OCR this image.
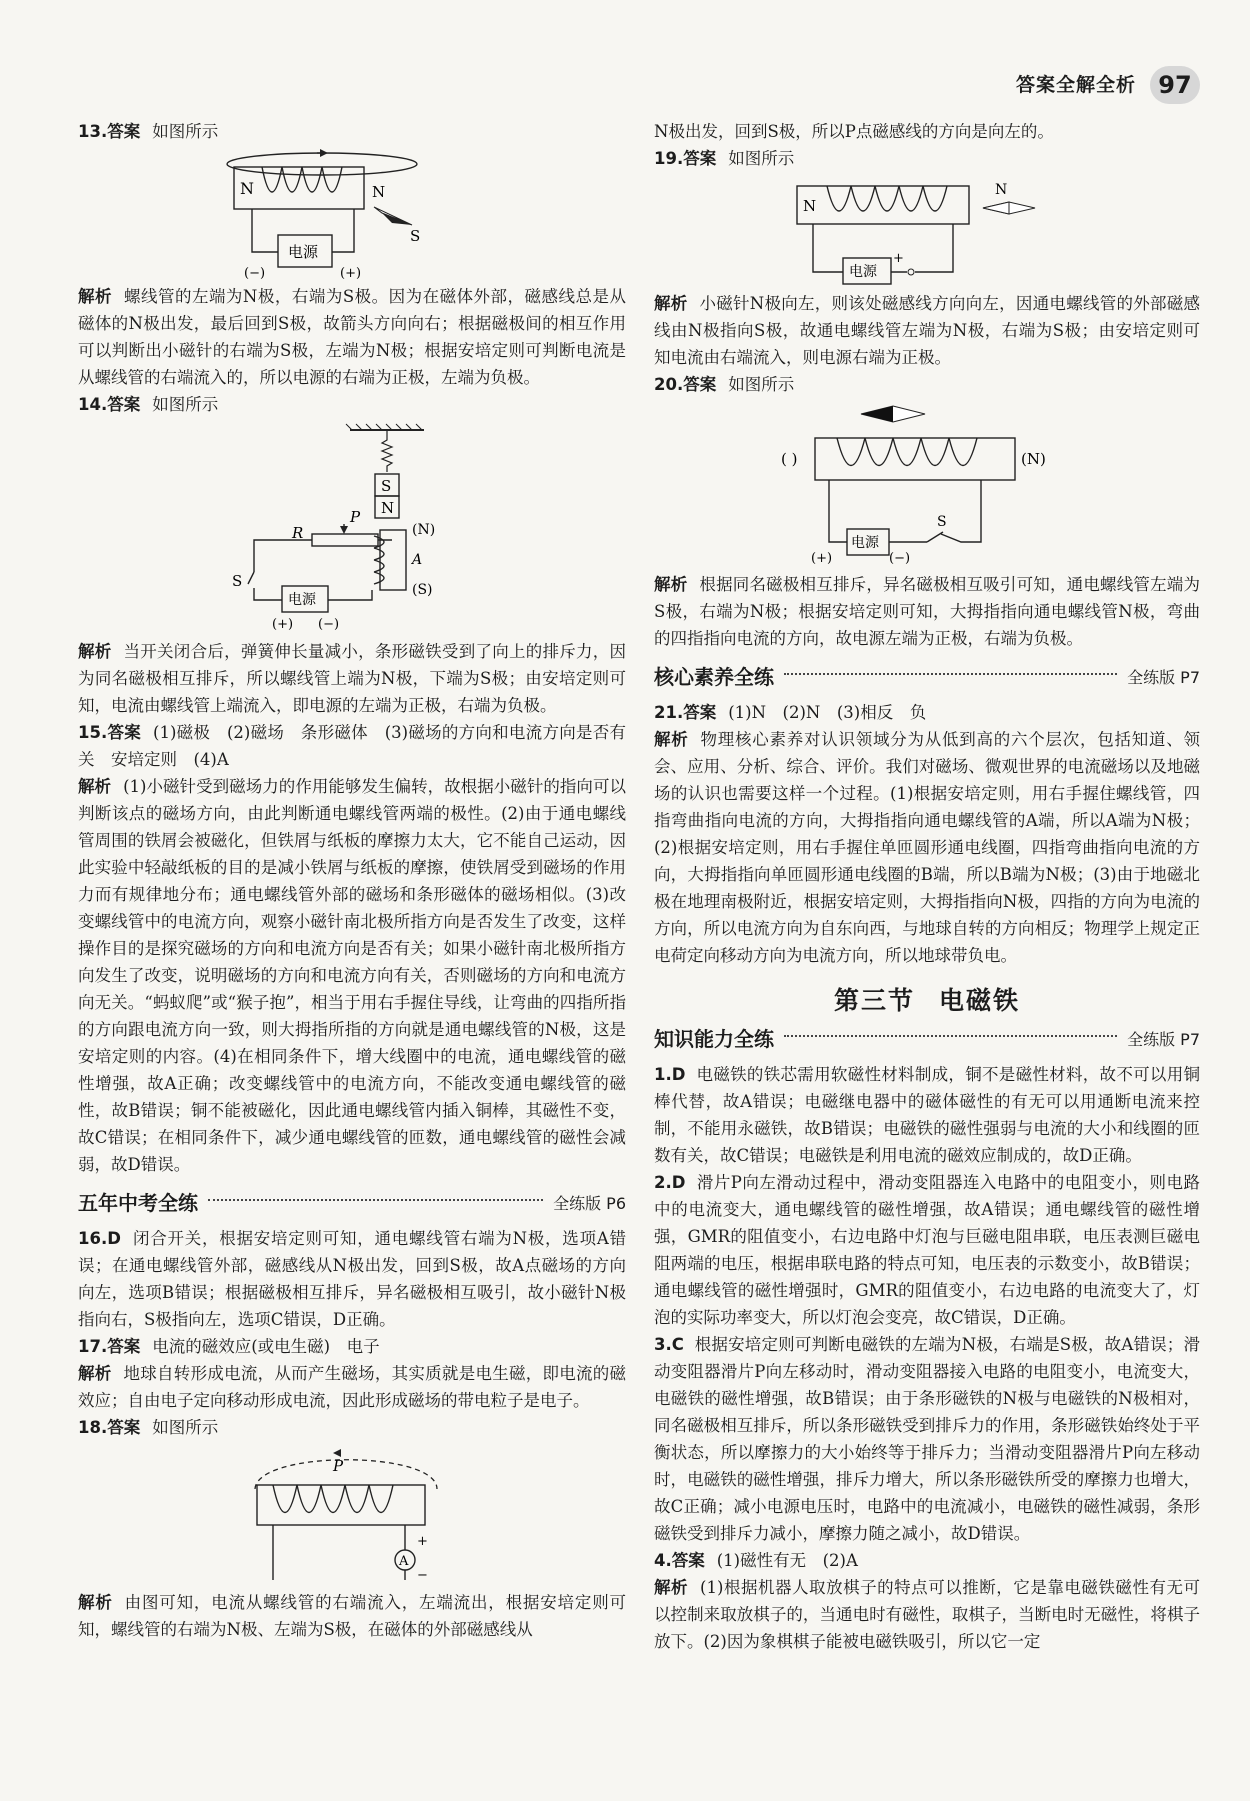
答案全解全析 97

13.答案 如图所示

N	N
S
电源
(−)	(+)

解析 螺线管的左端为N极，右端为S极。因为在磁体外部，磁感线总是从磁体的N极出发，最后回到S极，故箭头方向向右；根据磁极间的相互作用可以判断出小磁针的右端为S极，左端为N极；根据安培定则可判断电流是从螺线管的右端流入的，所以电源的右端为正极，左端为负极。

14.答案 如图所示

S
N
R
P
(N)
A
(S)
S
电源
(+) (−)

解析 当开关闭合后，弹簧伸长量减小，条形磁铁受到了向上的排斥力，因为同名磁极相互排斥，所以螺线管上端为N极，下端为S极；由安培定则可知，电流由螺线管上端流入，即电源的左端为正极，右端为负极。

15.答案 (1)磁极　(2)磁场　条形磁体　(3)磁场的方向和电流方向是否有关　安培定则　(4)A

解析 (1)小磁针受到磁场力的作用能够发生偏转，故根据小磁针的指向可以判断该点的磁场方向，由此判断通电螺线管两端的极性。(2)由于通电螺线管周围的铁屑会被磁化，但铁屑与纸板的摩擦力太大，它不能自己运动，因此实验中轻敲纸板的目的是减小铁屑与纸板的摩擦，使铁屑受到磁场的作用力而有规律地分布；通电螺线管外部的磁场和条形磁体的磁场相似。(3)改变螺线管中的电流方向，观察小磁针南北极所指方向是否发生了改变，这样操作目的是探究磁场的方向和电流方向是否有关；如果小磁针南北极所指方向发生了改变，说明磁场的方向和电流方向有关，否则磁场的方向和电流方向无关。“蚂蚁爬”或“猴子抱”，相当于用右手握住导线，让弯曲的四指所指的方向跟电流方向一致，则大拇指所指的方向就是通电螺线管的N极，这是安培定则的内容。(4)在相同条件下，增大线圈中的电流，通电螺线管的磁性增强，故A正确；改变螺线管中的电流方向，不能改变通电螺线管的磁性，故B错误；铜不能被磁化，因此通电螺线管内插入铜棒，其磁性不变，故C错误；在相同条件下，减少通电螺线管的匝数，通电螺线管的磁性会减弱，故D错误。

五年中考全练	全练版 P6

16.D 闭合开关，根据安培定则可知，通电螺线管右端为N极，选项A错误；在通电螺线管外部，磁感线从N极出发，回到S极，故A点磁场的方向向左，选项B错误；根据磁极相互排斥，异名磁极相互吸引，故小磁针N极指向右，S极指向左，选项C错误，D正确。

17.答案 电流的磁效应(或电生磁)　电子

解析 地球自转形成电流，从而产生磁场，其实质就是电生磁，即电流的磁效应；自由电子定向移动形成电流，因此形成磁场的带电粒子是电子。

18.答案 如图所示

P
A
+
−

解析 由图可知，电流从螺线管的右端流入，左端流出，根据安培定则可知，螺线管的右端为N极、左端为S极，在磁体的外部磁感线从

N极出发，回到S极，所以P点磁感线的方向是向左的。

19.答案 如图所示

N
N
电源
+

解析 小磁针N极向左，则该处磁感线方向向左，因通电螺线管的外部磁感线由N极指向S极，故通电螺线管左端为N极，右端为S极；由安培定则可知电流由右端流入，则电源右端为正极。

20.答案 如图所示

( )	(N)
电源
S
(+)	(−)

解析 根据同名磁极相互排斥，异名磁极相互吸引可知，通电螺线管左端为S极，右端为N极；根据安培定则可知，大拇指指向通电螺线管N极，弯曲的四指指向电流的方向，故电源左端为正极，右端为负极。

核心素养全练	全练版 P7

21.答案 (1)N　(2)N　(3)相反　负

解析 物理核心素养对认识领域分为从低到高的六个层次，包括知道、领会、应用、分析、综合、评价。我们对磁场、微观世界的电流磁场以及地磁场的认识也需要这样一个过程。(1)根据安培定则，用右手握住螺线管，四指弯曲指向电流的方向，大拇指指向通电螺线管的A端，所以A端为N极；(2)根据安培定则，用右手握住单匝圆形通电线圈，四指弯曲指向电流的方向，大拇指指向单匝圆形通电线圈的B端，所以B端为N极；(3)由于地磁北极在地理南极附近，根据安培定则，大拇指指向N极，四指的方向为电流的方向，所以电流方向为自东向西，与地球自转的方向相反；物理学上规定正电荷定向移动方向为电流方向，所以地球带负电。

第三节 电磁铁
知识能力全练	全练版 P7

1.D 电磁铁的铁芯需用软磁性材料制成，铜不是磁性材料，故不可以用铜棒代替，故A错误；电磁继电器中的磁体磁性的有无可以用通断电流来控制，不能用永磁铁，故B错误；电磁铁的磁性强弱与电流的大小和线圈的匝数有关，故C错误；电磁铁是利用电流的磁效应制成的，故D正确。

2.D 滑片P向左滑动过程中，滑动变阻器连入电路中的电阻变小，则电路中的电流变大，通电螺线管的磁性增强，故A错误；通电螺线管的磁性增强，GMR的阻值变小，右边电路中灯泡与巨磁电阻串联，电压表测巨磁电阻两端的电压，根据串联电路的特点可知，电压表的示数变小，故B错误；通电螺线管的磁性增强时，GMR的阻值变小，右边电路的电流变大了，灯泡的实际功率变大，所以灯泡会变亮，故C错误，D正确。

3.C 根据安培定则可判断电磁铁的左端为N极，右端是S极，故A错误；滑动变阻器滑片P向左移动时，滑动变阻器接入电路的电阻变小，电流变大，电磁铁的磁性增强，故B错误；由于条形磁铁的N极与电磁铁的N极相对，同名磁极相互排斥，所以条形磁铁受到排斥力的作用，条形磁铁始终处于平衡状态，所以摩擦力的大小始终等于排斥力；当滑动变阻器滑片P向左移动时，电磁铁的磁性增强，排斥力增大，所以条形磁铁所受的摩擦力也增大，故C正确；减小电源电压时，电路中的电流减小，电磁铁的磁性减弱，条形磁铁受到排斥力减小，摩擦力随之减小，故D错误。

4.答案 (1)磁性有无　(2)A

解析 (1)根据机器人取放棋子的特点可以推断，它是靠电磁铁磁性有无可以控制来取放棋子的，当通电时有磁性，取棋子，当断电时无磁性，将棋子放下。(2)因为象棋棋子能被电磁铁吸引，所以它一定
